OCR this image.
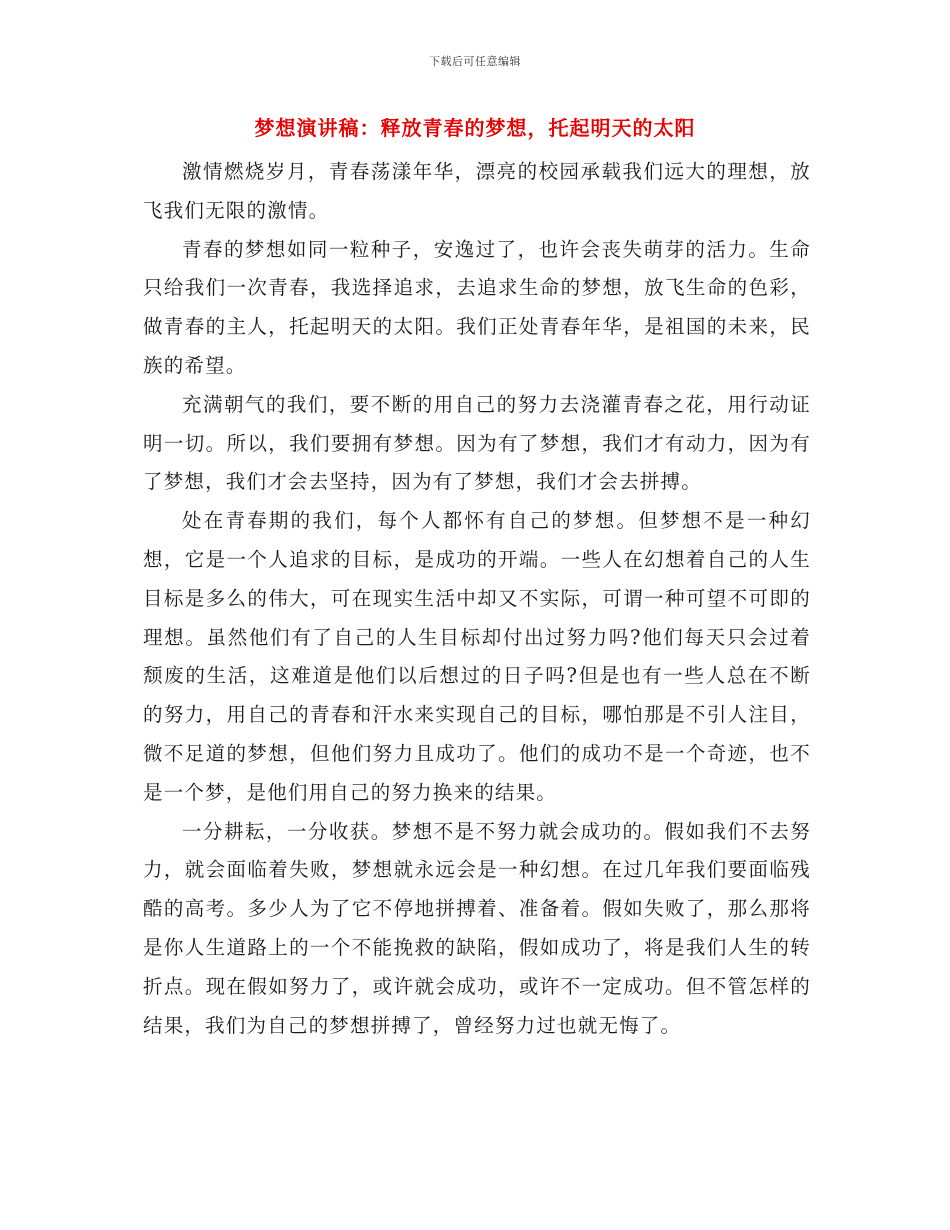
下载后可任意编辑
梦想演讲稿：释放青春的梦想，托起明天的太阳

激情燃烧岁月，青春荡漾年华，漂亮的校园承载我们远大的理想，放飞我们无限的激情。

青春的梦想如同一粒种子，安逸过了，也许会丧失萌芽的活力。生命只给我们一次青春，我选择追求，去追求生命的梦想，放飞生命的色彩，做青春的主人，托起明天的太阳。我们正处青春年华，是祖国的未来，民族的希望。

充满朝气的我们，要不断的用自己的努力去浇灌青春之花，用行动证明一切。所以，我们要拥有梦想。因为有了梦想，我们才有动力，因为有了梦想，我们才会去坚持，因为有了梦想，我们才会去拼搏。

处在青春期的我们，每个人都怀有自己的梦想。但梦想不是一种幻想，它是一个人追求的目标，是成功的开端。一些人在幻想着自己的人生目标是多么的伟大，可在现实生活中却又不实际，可谓一种可望不可即的理想。虽然他们有了自己的人生目标却付出过努力吗?他们每天只会过着颓废的生活，这难道是他们以后想过的日子吗?但是也有一些人总在不断的努力，用自己的青春和汗水来实现自己的目标，哪怕那是不引人注目，微不足道的梦想，但他们努力且成功了。他们的成功不是一个奇迹，也不是一个梦，是他们用自己的努力换来的结果。

一分耕耘，一分收获。梦想不是不努力就会成功的。假如我们不去努力，就会面临着失败，梦想就永远会是一种幻想。在过几年我们要面临残酷的高考。多少人为了它不停地拼搏着、准备着。假如失败了，那么那将是你人生道路上的一个不能挽救的缺陷，假如成功了，将是我们人生的转折点。现在假如努力了，或许就会成功，或许不一定成功。但不管怎样的结果，我们为自己的梦想拼搏了，曾经努力过也就无悔了。
